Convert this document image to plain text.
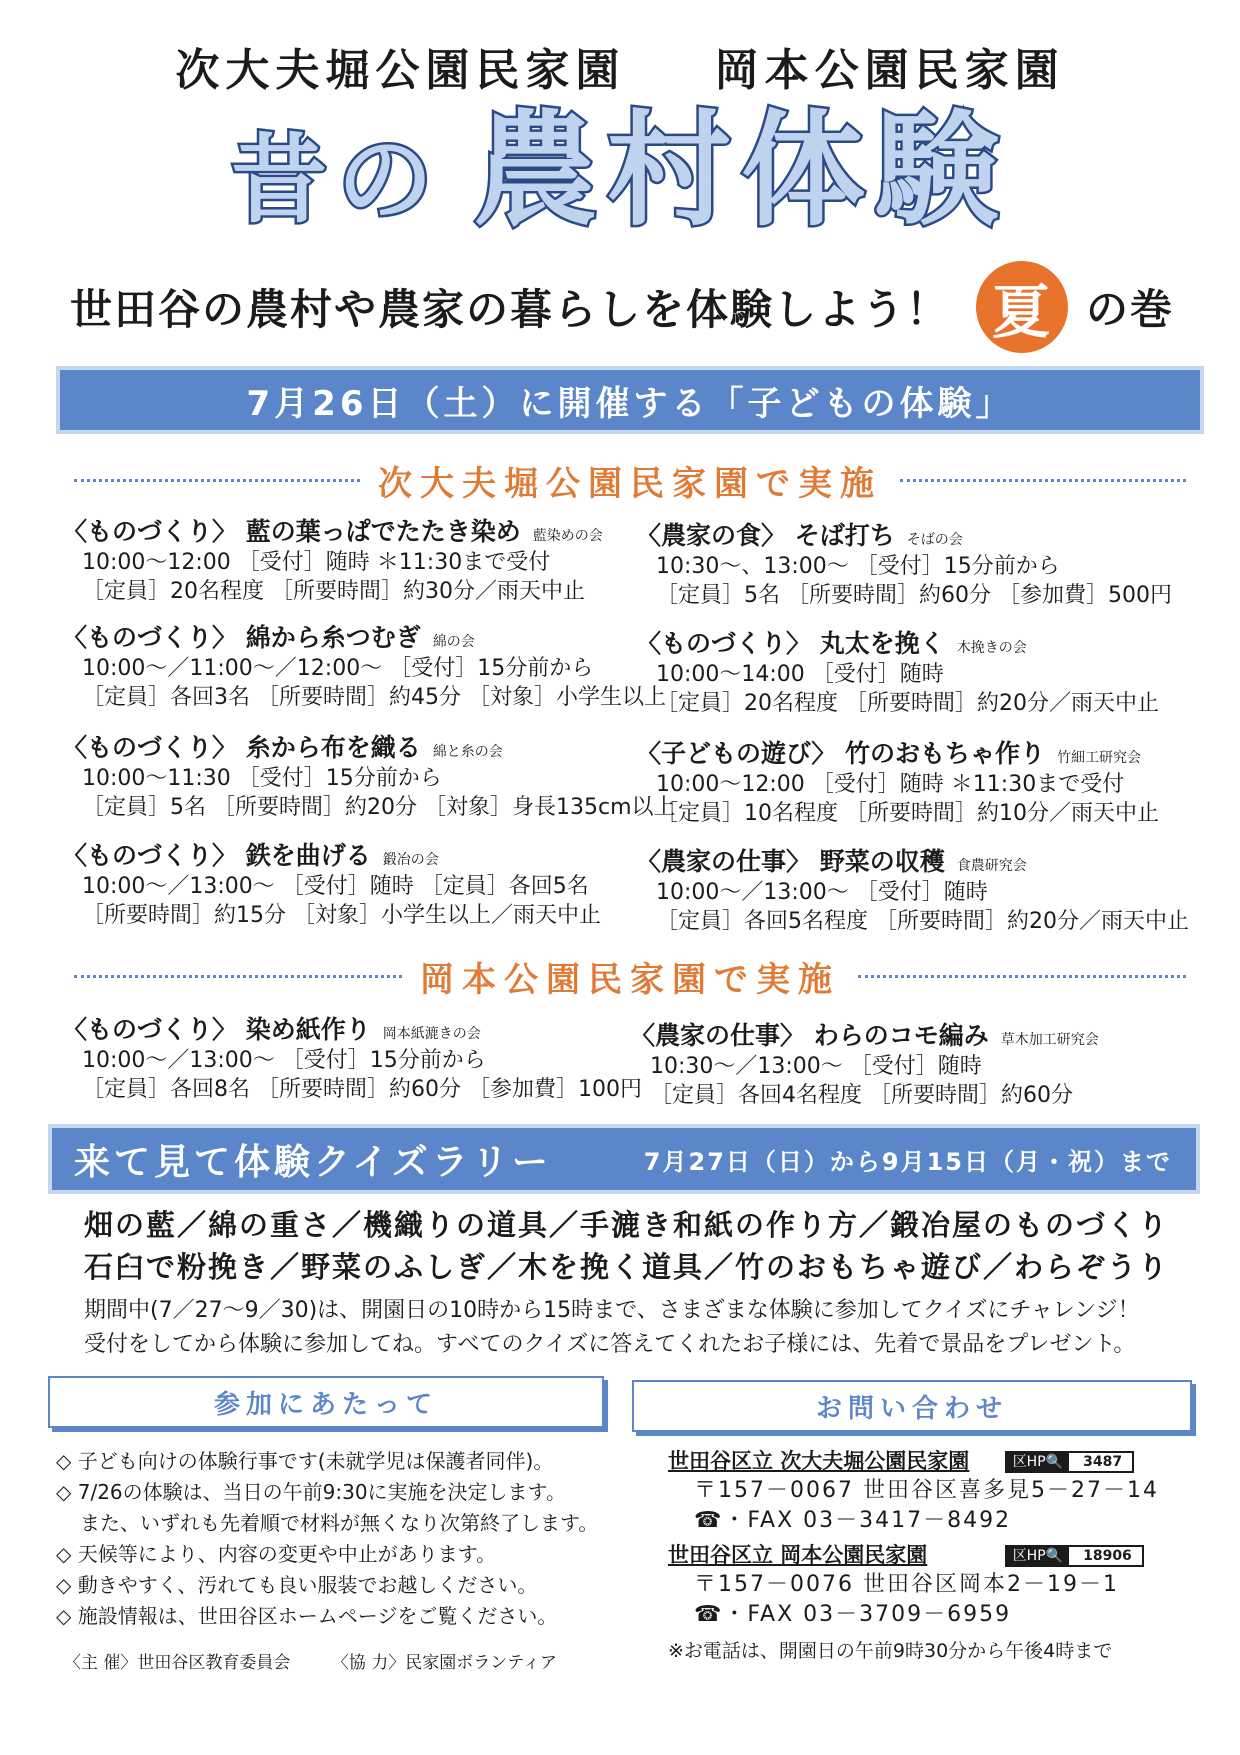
次大夫堀公園民家園 岡本公園民家園
昔の 農村体験
世田谷の農村や農家の暮らしを体験しよう！ 夏 の巻
7月26日（土）に開催する「子どもの体験」
次大夫堀公園民家園で実施
〈ものづくり〉 藍の葉っぱでたたき染め 藍染めの会
10:00～12:00 ［受付］随時 ＊11:30まで受付
［定員］20名程度 ［所要時間］約30分／雨天中止
〈農家の食〉 そば打ち そばの会
10:30～、13:00～ ［受付］15分前から
［定員］5名 ［所要時間］約60分 ［参加費］500円
〈ものづくり〉 綿から糸つむぎ 綿の会
10:00～／11:00～／12:00～ ［受付］15分前から
［定員］各回3名 ［所要時間］約45分 ［対象］小学生以上
〈ものづくり〉 丸太を挽く 木挽きの会
10:00～14:00 ［受付］随時
［定員］20名程度 ［所要時間］約20分／雨天中止
〈ものづくり〉 糸から布を織る 綿と糸の会
10:00～11:30 ［受付］15分前から
［定員］5名 ［所要時間］約20分 ［対象］身長135cm以上
〈子どもの遊び〉 竹のおもちゃ作り 竹細工研究会
10:00～12:00 ［受付］随時 ＊11:30まで受付
［定員］10名程度 ［所要時間］約10分／雨天中止
〈ものづくり〉 鉄を曲げる 鍛冶の会
10:00～／13:00～ ［受付］随時 ［定員］各回5名
［所要時間］約15分 ［対象］小学生以上／雨天中止
〈農家の仕事〉 野菜の収穫 食農研究会
10:00～／13:00～ ［受付］随時
［定員］各回5名程度 ［所要時間］約20分／雨天中止
岡本公園民家園で実施
〈ものづくり〉 染め紙作り 岡本紙漉きの会
10:00～／13:00～ ［受付］15分前から
［定員］各回8名 ［所要時間］約60分 ［参加費］100円
〈農家の仕事〉 わらのコモ編み 草木加工研究会
10:30～／13:00～ ［受付］随時
［定員］各回4名程度 ［所要時間］約60分
来て見て体験クイズラリー	7月27日（日）から9月15日（月・祝）まで
畑の藍／綿の重さ／機織りの道具／手漉き和紙の作り方／鍛冶屋のものづくり
石臼で粉挽き／野菜のふしぎ／木を挽く道具／竹のおもちゃ遊び／わらぞうり
期間中(7／27～9／30)は、開園日の10時から15時まで、さまざまな体験に参加してクイズにチャレンジ！
受付をしてから体験に参加してね。すべてのクイズに答えてくれたお子様には、先着で景品をプレゼント。
参加にあたって	お問い合わせ
◇ 子ども向けの体験行事です(未就学児は保護者同伴)。
◇ 7/26の体験は、当日の午前9:30に実施を決定します。
また、いずれも先着順で材料が無くなり次第終了します。
◇ 天候等により、内容の変更や中止があります。
◇ 動きやすく、汚れても良い服装でお越しください。
◇ 施設情報は、世田谷区ホームページをご覧ください。
世田谷区立 次大夫堀公園民家園	区HP🔍	3487
〒157－0067 世田谷区喜多見5－27－14
☎・FAX 03－3417－8492
世田谷区立 岡本公園民家園	区HP🔍	18906
〒157－0076 世田谷区岡本2－19－1
☎・FAX 03－3709－6959
※お電話は、開園日の午前9時30分から午後4時まで
〈主 催〉世田谷区教育委員会 〈協 力〉民家園ボランティア
